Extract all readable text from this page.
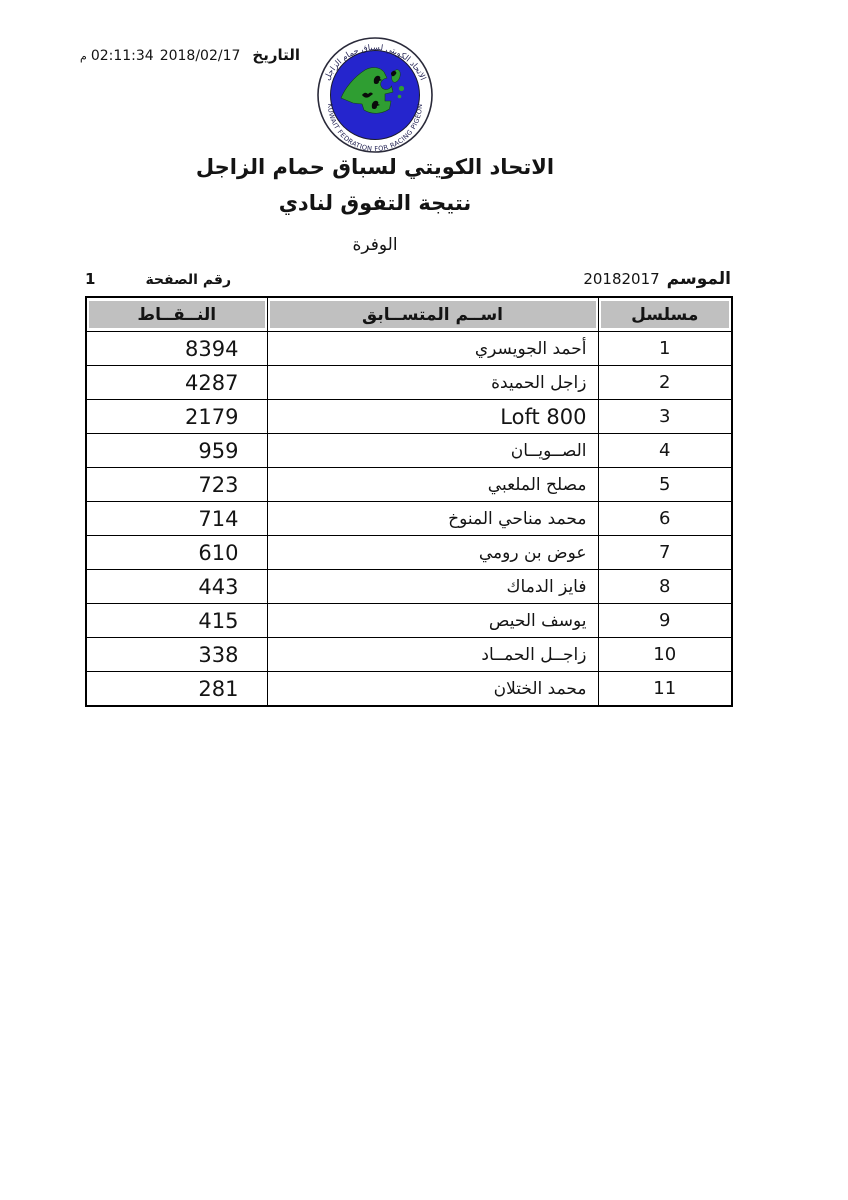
م 02:11:34 2018/02/17 التاريخ
الاتحاد الكويتي لسباق حمام الزاجل
KUWAIT FEDRATION FOR RACING PIGEON
الاتحاد الكويتي لسباق حمام الزاجل
نتيجة التفوق لنادي
الوفرة
20182017 الموسم
1	رقم الصفحة
مسلسل	اســم المتســابق	النــقــاط

1	أحمد الجويسري	8394
2	زاجل الحميدة	4287
3	Loft 800	2179
4	الصــويــان	959
5	مصلح الملعبي	723
6	محمد مناحي المنوخ	714
7	عوض بن رومي	610
8	فايز الدماك	443
9	يوسف الحيص	415
10	زاجــل الحمــاد	338
11	محمد الختلان	281
